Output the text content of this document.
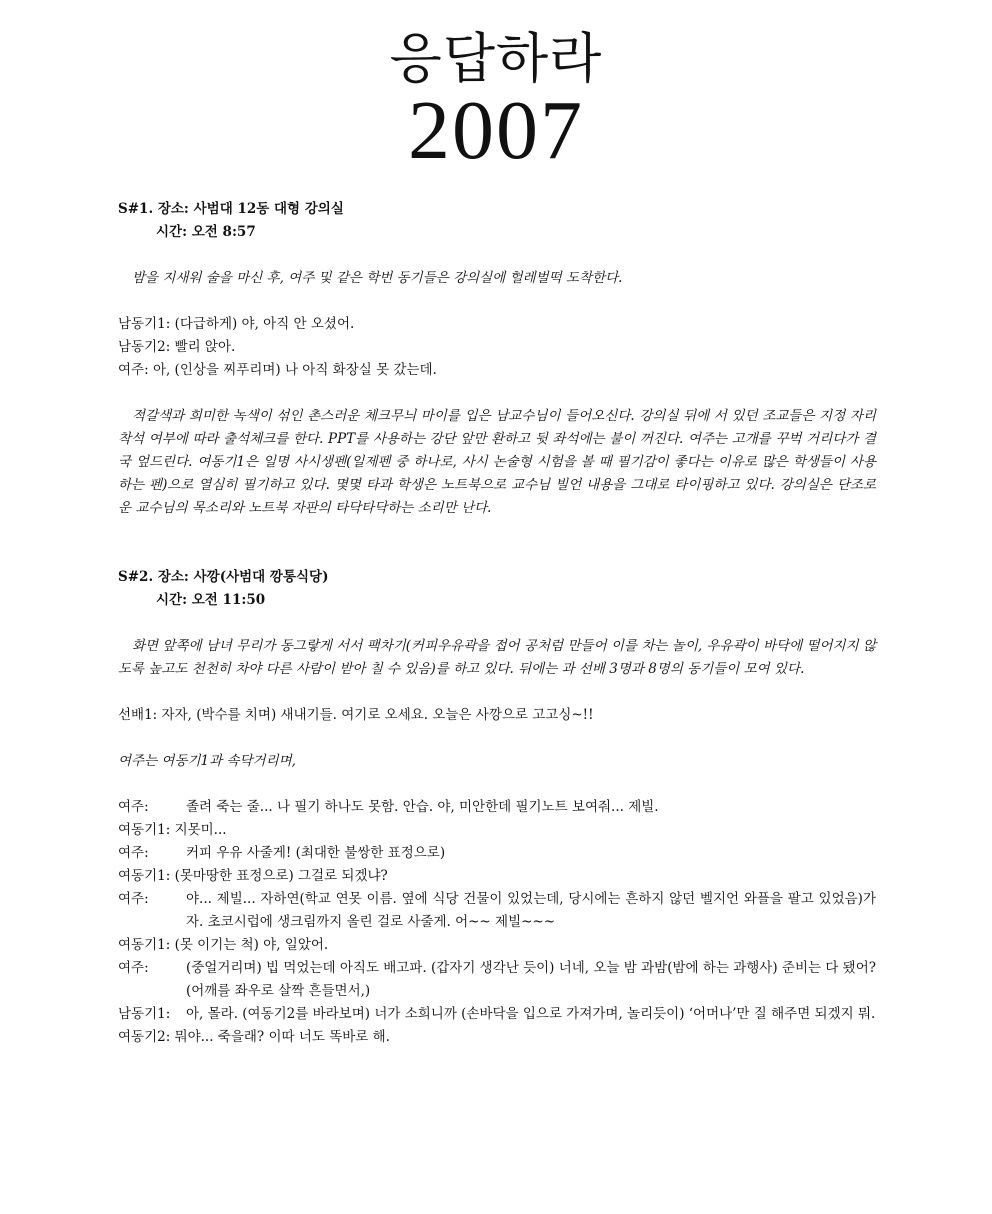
응답하라
2007

S#1. 장소: 사범대 12동 대형 강의실
시간: 오전 8:57

밤을 지새워 술을 마신 후, 여주 및 같은 학번 동기들은 강의실에 헐레벌떡 도착한다.

남동기1: (다급하게) 야, 아직 안 오셨어.

남동기2: 빨리 앉아.

여주: 아, (인상을 찌푸리며) 나 아직 화장실 못 갔는데.

적갈색과 희미한 녹색이 섞인 촌스러운 체크무늬 마이를 입은 남교수님이 들어오신다. 강의실 뒤에 서 있던 조교들은 지정 자리 착석 여부에 따라 출석체크를 한다. PPT를 사용하는 강단 앞만 환하고 뒷 좌석에는 불이 꺼진다. 여주는 고개를 꾸벅 거리다가 결국 엎드린다. 여동기1은 일명 사시생펜(일제펜 중 하나로, 사시 논술형 시험을 볼 때 필기감이 좋다는 이유로 많은 학생들이 사용하는 펜)으로 열심히 필기하고 있다. 몇몇 타과 학생은 노트북으로 교수님 빌언 내용을 그대로 타이핑하고 있다. 강의실은 단조로운 교수님의 목소리와 노트북 자판의 타닥타닥하는 소리만 난다.

S#2. 장소: 사깡(사범대 깡통식당)
시간: 오전 11:50

화면 앞쪽에 남녀 무리가 동그랗게 서서 팩차기(커피우유곽을 접어 공처럼 만들어 이를 차는 놀이, 우유곽이 바닥에 떨어지지 않도록 높고도 천천히 차야 다른 사람이 받아 칠 수 있음)를 하고 있다. 뒤에는 과 선배 3명과 8명의 동기들이 모여 있다.

선배1: 자자, (박수를 치며) 새내기들. 여기로 오세요. 오늘은 사깡으로 고고싱~!!

여주는 여동기1과 속닥거리며,

여주:	졸려 죽는 줄... 나 필기 하나도 못함. 안습. 야, 미안한데 필기노트 보여줘... 제빌.
여동기1:
지못미...
여주:	커피 우유 사줄게! (최대한 불쌍한 표정으로)
여동기1:
(못마땅한 표정으로) 그걸로 되겠냐?
여주:	야... 제빌... 자하연(학교 연못 이름. 옆에 식당 건물이 있었는데, 당시에는 흔하지 않던 벨지언 와플을 팔고 있었음)가자. 초코시럽에 생크림까지 올린 걸로 사줄게. 어~~ 제빌~~~
여동기1:
(못 이기는 척) 야, 일았어.
여주:	(중얼거리며) 빕 먹었는데 아직도 배고파. (갑자기 생각난 듯이) 너네, 오늘 밤 과밤(밤에 하는 과행사) 준비는 다 됐어? (어깨를 좌우로 살짝 흔들면서,)
남동기1:	아, 몰라. (여동기2를 바라보며) 너가 소희니까 (손바닥을 입으로 가져가며, 놀리듯이) ‘어머나’만 질 해주면 되겠지 뭐.
여동기2:
뭐야... 죽을래? 이따 너도 똑바로 해.
